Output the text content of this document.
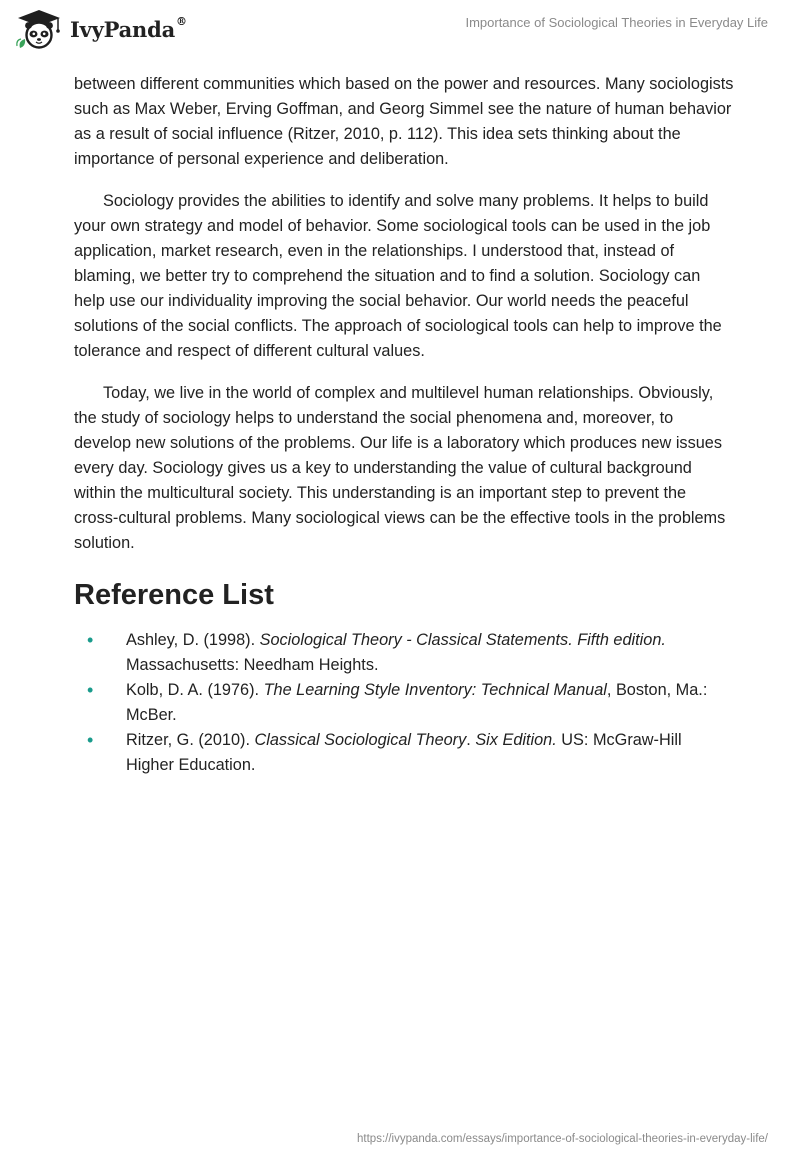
IvyPanda®	Importance of Sociological Theories in Everyday Life

between different communities which based on the power and resources. Many sociologists such as Max Weber, Erving Goffman, and Georg Simmel see the nature of human behavior as a result of social influence (Ritzer, 2010, p. 112). This idea sets thinking about the importance of personal experience and deliberation.

Sociology provides the abilities to identify and solve many problems. It helps to build your own strategy and model of behavior. Some sociological tools can be used in the job application, market research, even in the relationships. I understood that, instead of blaming, we better try to comprehend the situation and to find a solution. Sociology can help use our individuality improving the social behavior. Our world needs the peaceful solutions of the social conflicts. The approach of sociological tools can help to improve the tolerance and respect of different cultural values.

Today, we live in the world of complex and multilevel human relationships. Obviously, the study of sociology helps to understand the social phenomena and, moreover, to develop new solutions of the problems. Our life is a laboratory which produces new issues every day. Sociology gives us a key to understanding the value of cultural background within the multicultural society. This understanding is an important step to prevent the cross-cultural problems. Many sociological views can be the effective tools in the problems solution.

Reference List
• Ashley, D. (1998). Sociological Theory - Classical Statements. Fifth edition. Massachusetts: Needham Heights.
• Kolb, D. A. (1976). The Learning Style Inventory: Technical Manual, Boston, Ma.: McBer.
• Ritzer, G. (2010). Classical Sociological Theory. Six Edition. US: McGraw-Hill Higher Education.
https://ivypanda.com/essays/importance-of-sociological-theories-in-everyday-life/
